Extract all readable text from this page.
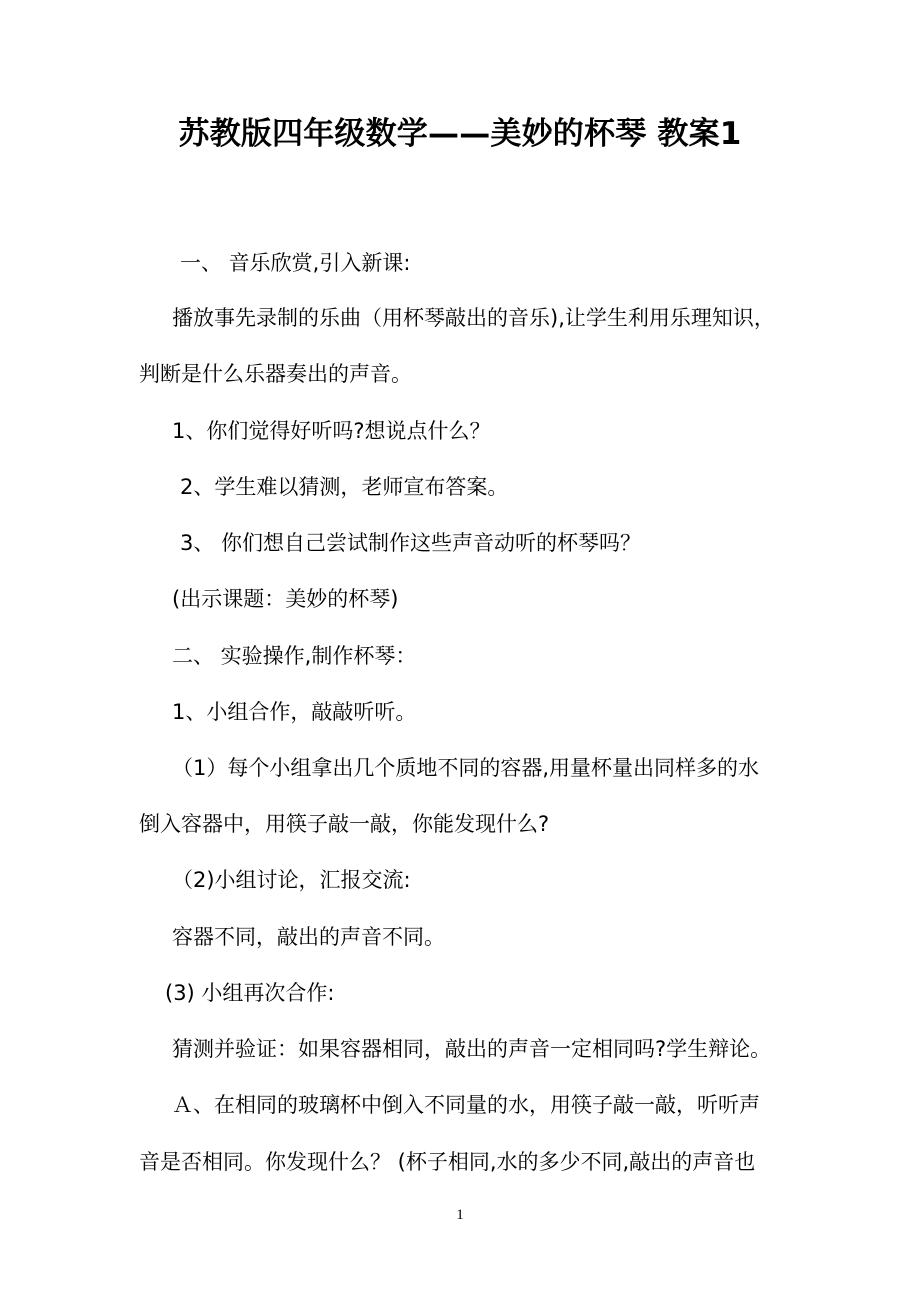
苏教版四年级数学——美妙的杯琴 教案1
一、 音乐欣赏,引入新课:
播放事先录制的乐曲（用杯琴敲出的音乐),让学生利用乐理知识，
判断是什么乐器奏出的声音。
1、你们觉得好听吗?想说点什么？
2、学生难以猜测，老师宣布答案。
3、 你们想自己尝试制作这些声音动听的杯琴吗？
(出示课题：美妙的杯琴)
二、 实验操作,制作杯琴：
1、小组合作，敲敲听听。
（1）每个小组拿出几个质地不同的容器,用量杯量出同样多的水
倒入容器中，用筷子敲一敲，你能发现什么?
（2)小组讨论，汇报交流:
容器不同，敲出的声音不同。
(3) 小组再次合作:
猜测并验证：如果容器相同，敲出的声音一定相同吗?学生辩论。
Ａ、在相同的玻璃杯中倒入不同量的水，用筷子敲一敲，听听声
音是否相同。你发现什么？ (杯子相同,水的多少不同,敲出的声音也
1
